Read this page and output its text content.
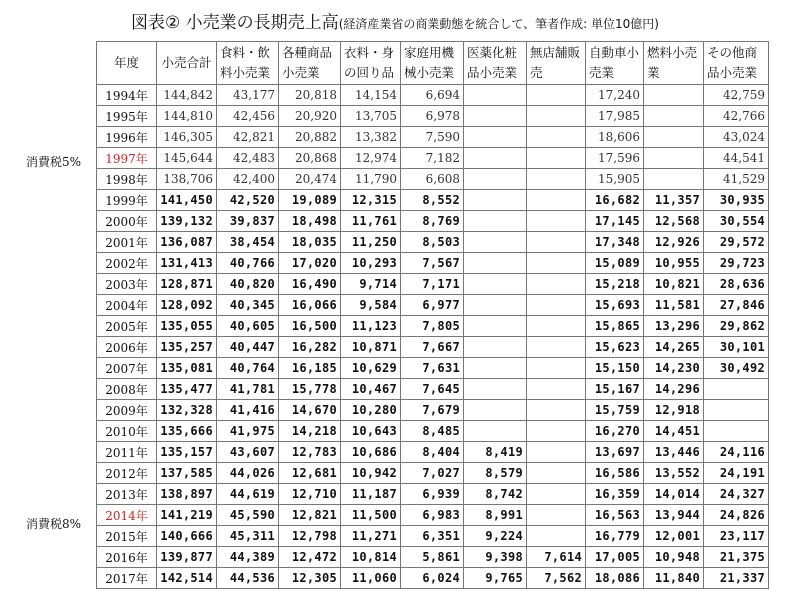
図表② 小売業の長期売上高(経済産業省の商業動態を統合して、筆者作成: 単位10億円)
消費税5%
消費税8%
年度	小売合計	食料・飲料小売業	各種商品小売業	衣料・身の回り品	家庭用機械小売業	医薬化粧品小売業	無店舗販売	自動車小売業	燃料小売業	その他商品小売業
1994年	144,842	43,177	20,818	14,154	6,694			17,240		42,759
1995年	144,810	42,456	20,920	13,705	6,978			17,985		42,766
1996年	146,305	42,821	20,882	13,382	7,590			18,606		43,024
1997年	145,644	42,483	20,868	12,974	7,182			17,596		44,541
1998年	138,706	42,400	20,474	11,790	6,608			15,905		41,529
1999年	141,450	42,520	19,089	12,315	8,552			16,682	11,357	30,935
2000年	139,132	39,837	18,498	11,761	8,769			17,145	12,568	30,554
2001年	136,087	38,454	18,035	11,250	8,503			17,348	12,926	29,572
2002年	131,413	40,766	17,020	10,293	7,567			15,089	10,955	29,723
2003年	128,871	40,820	16,490	9,714	7,171			15,218	10,821	28,636
2004年	128,092	40,345	16,066	9,584	6,977			15,693	11,581	27,846
2005年	135,055	40,605	16,500	11,123	7,805			15,865	13,296	29,862
2006年	135,257	40,447	16,282	10,871	7,667			15,623	14,265	30,101
2007年	135,081	40,764	16,185	10,629	7,631			15,150	14,230	30,492
2008年	135,477	41,781	15,778	10,467	7,645			15,167	14,296	
2009年	132,328	41,416	14,670	10,280	7,679			15,759	12,918	
2010年	135,666	41,975	14,218	10,643	8,485			16,270	14,451	
2011年	135,157	43,607	12,783	10,686	8,404	8,419		13,697	13,446	24,116
2012年	137,585	44,026	12,681	10,942	7,027	8,579		16,586	13,552	24,191
2013年	138,897	44,619	12,710	11,187	6,939	8,742		16,359	14,014	24,327
2014年	141,219	45,590	12,821	11,500	6,983	8,991		16,563	13,944	24,826
2015年	140,666	45,311	12,798	11,271	6,351	9,224		16,779	12,001	23,117
2016年	139,877	44,389	12,472	10,814	5,861	9,398	7,614	17,005	10,948	21,375
2017年	142,514	44,536	12,305	11,060	6,024	9,765	7,562	18,086	11,840	21,337
